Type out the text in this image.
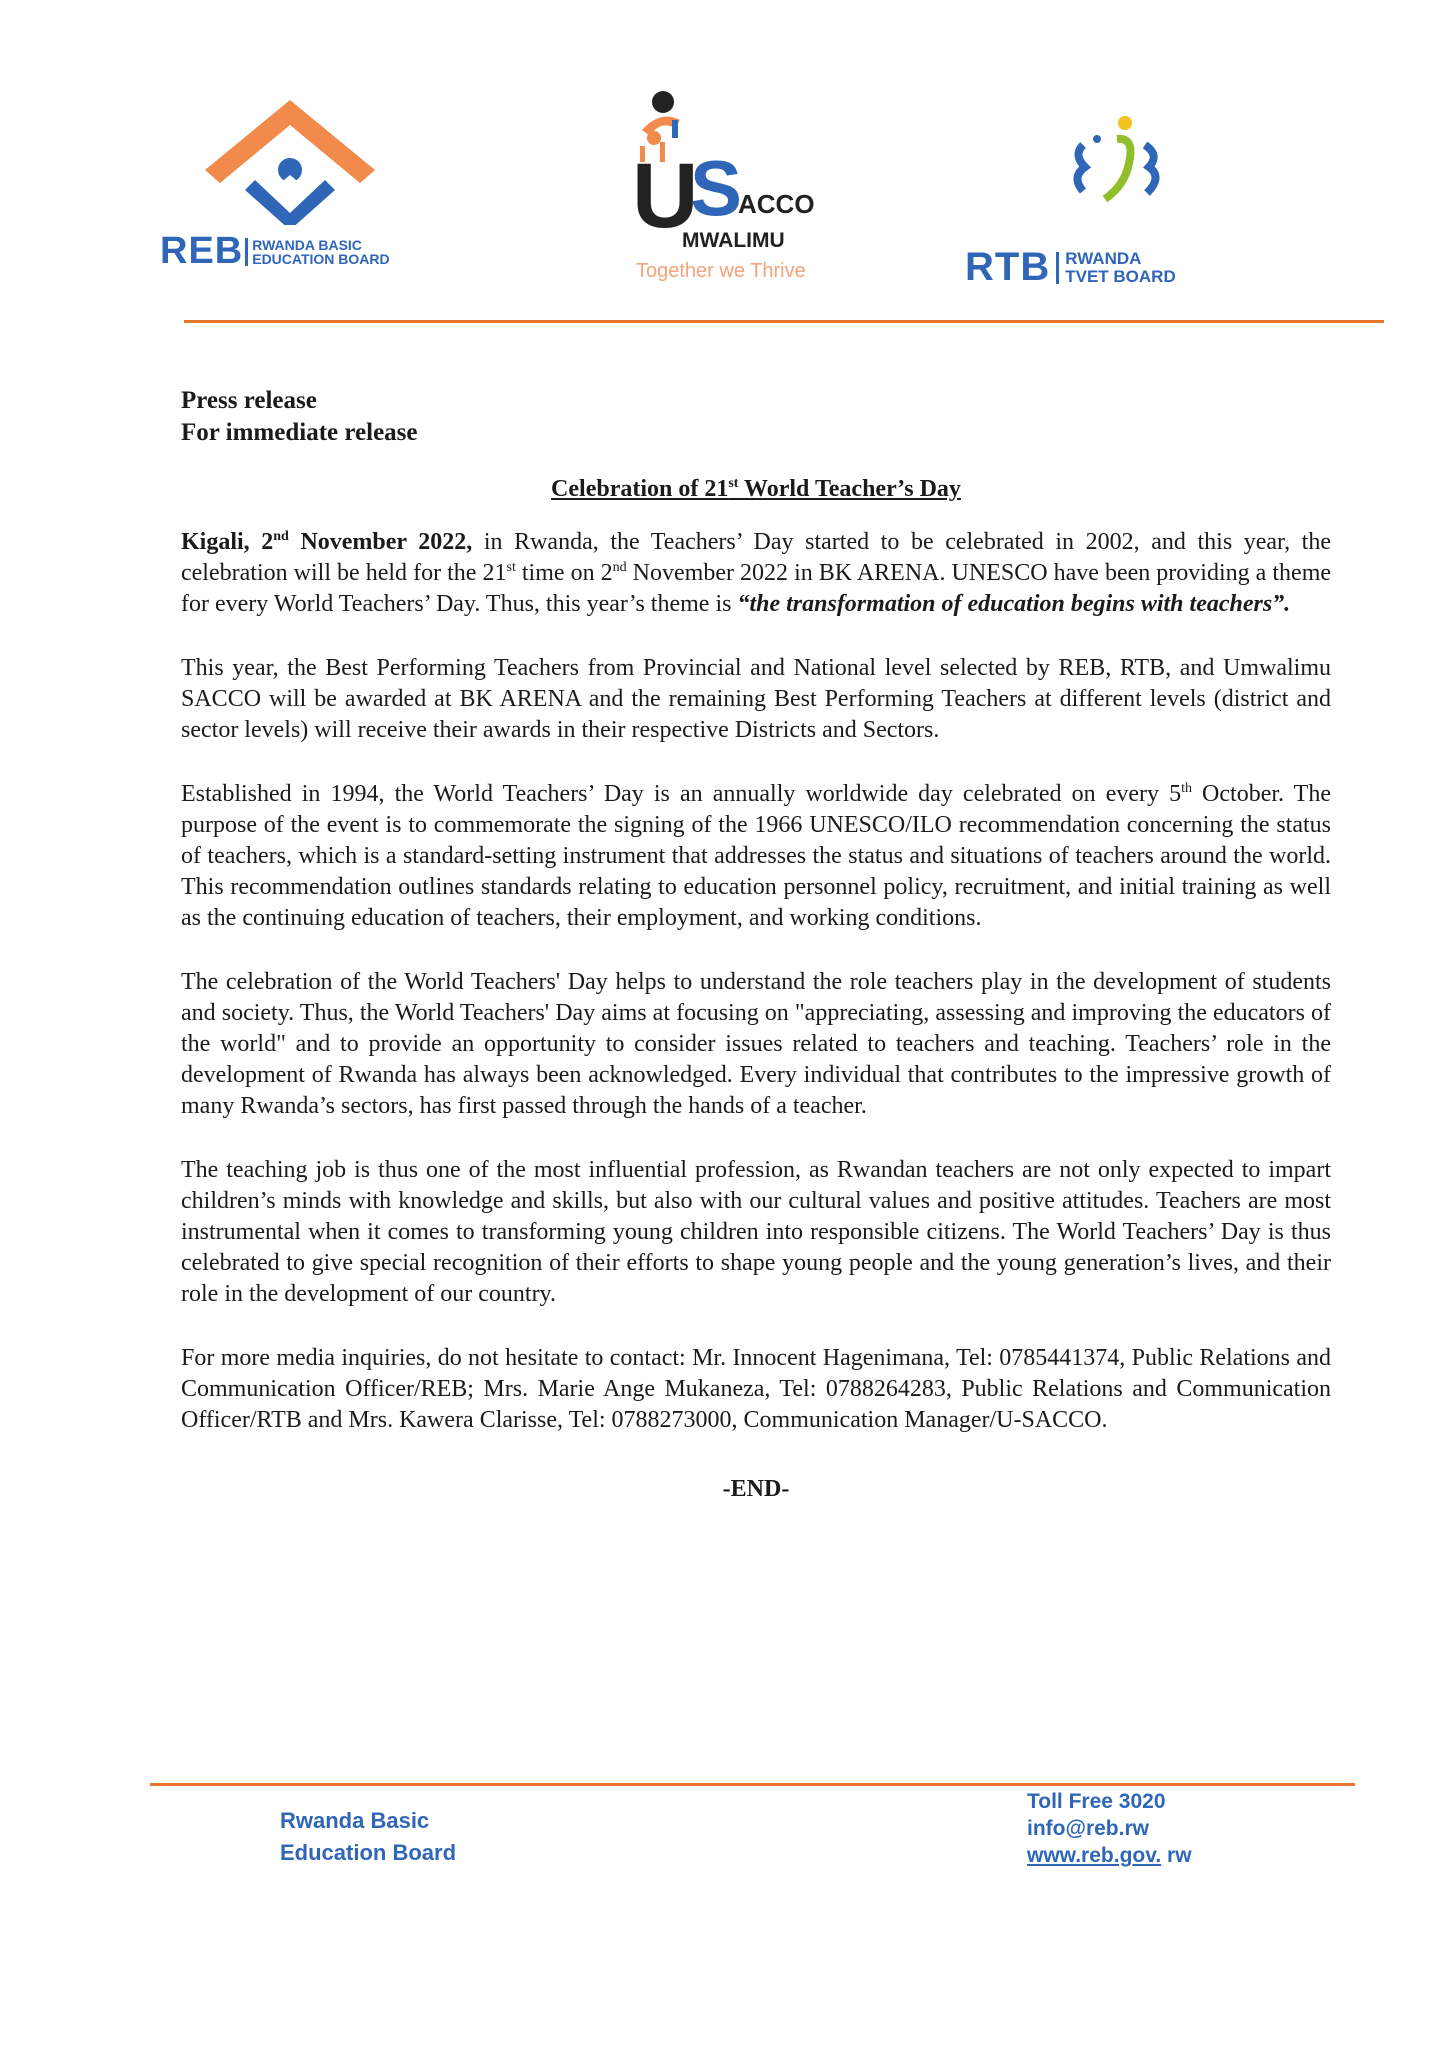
REB RWANDA BASIC
EDUCATION BOARD
U
S
ACCO
MWALIMU
Together we Thrive	RTB RWANDA
TVET BOARD
Press release
For immediate release
Celebration of 21st World Teacher’s Day
Kigali, 2nd November 2022, in Rwanda, the Teachers’ Day started to be celebrated in 2002, and this year, the celebration will be held for the 21st time on 2nd November 2022 in BK ARENA. UNESCO have been providing a theme for every World Teachers’ Day. Thus, this year’s theme is “the transformation of education begins with teachers”.
This year, the Best Performing Teachers from Provincial and National level selected by REB, RTB, and Umwalimu SACCO will be awarded at BK ARENA and the remaining Best Performing Teachers at different levels (district and sector levels) will receive their awards in their respective Districts and Sectors.
Established in 1994, the World Teachers’ Day is an annually worldwide day celebrated on every 5th October. The purpose of the event is to commemorate the signing of the 1966 UNESCO/ILO recommendation concerning the status of teachers, which is a standard-setting instrument that addresses the status and situations of teachers around the world. This recommendation outlines standards relating to education personnel policy, recruitment, and initial training as well as the continuing education of teachers, their employment, and working conditions.
The celebration of the World Teachers' Day helps to understand the role teachers play in the development of students and society. Thus, the World Teachers' Day aims at focusing on "appreciating, assessing and improving the educators of the world" and to provide an opportunity to consider issues related to teachers and teaching. Teachers’ role in the development of Rwanda has always been acknowledged. Every individual that contributes to the impressive growth of many Rwanda’s sectors, has first passed through the hands of a teacher.
The teaching job is thus one of the most influential profession, as Rwandan teachers are not only expected to impart children’s minds with knowledge and skills, but also with our cultural values and positive attitudes. Teachers are most instrumental when it comes to transforming young children into responsible citizens. The World Teachers’ Day is thus celebrated to give special recognition of their efforts to shape young people and the young generation’s lives, and their role in the development of our country.
For more media inquiries, do not hesitate to contact: Mr. Innocent Hagenimana, Tel: 0785441374, Public Relations and Communication Officer/REB; Mrs. Marie Ange Mukaneza, Tel: 0788264283, Public Relations and Communication Officer/RTB and Mrs. Kawera Clarisse, Tel: 0788273000, Communication Manager/U-SACCO.
-END-
Rwanda Basic
Education Board
Toll Free 3020
info@reb.rw
www.reb.gov. rw
